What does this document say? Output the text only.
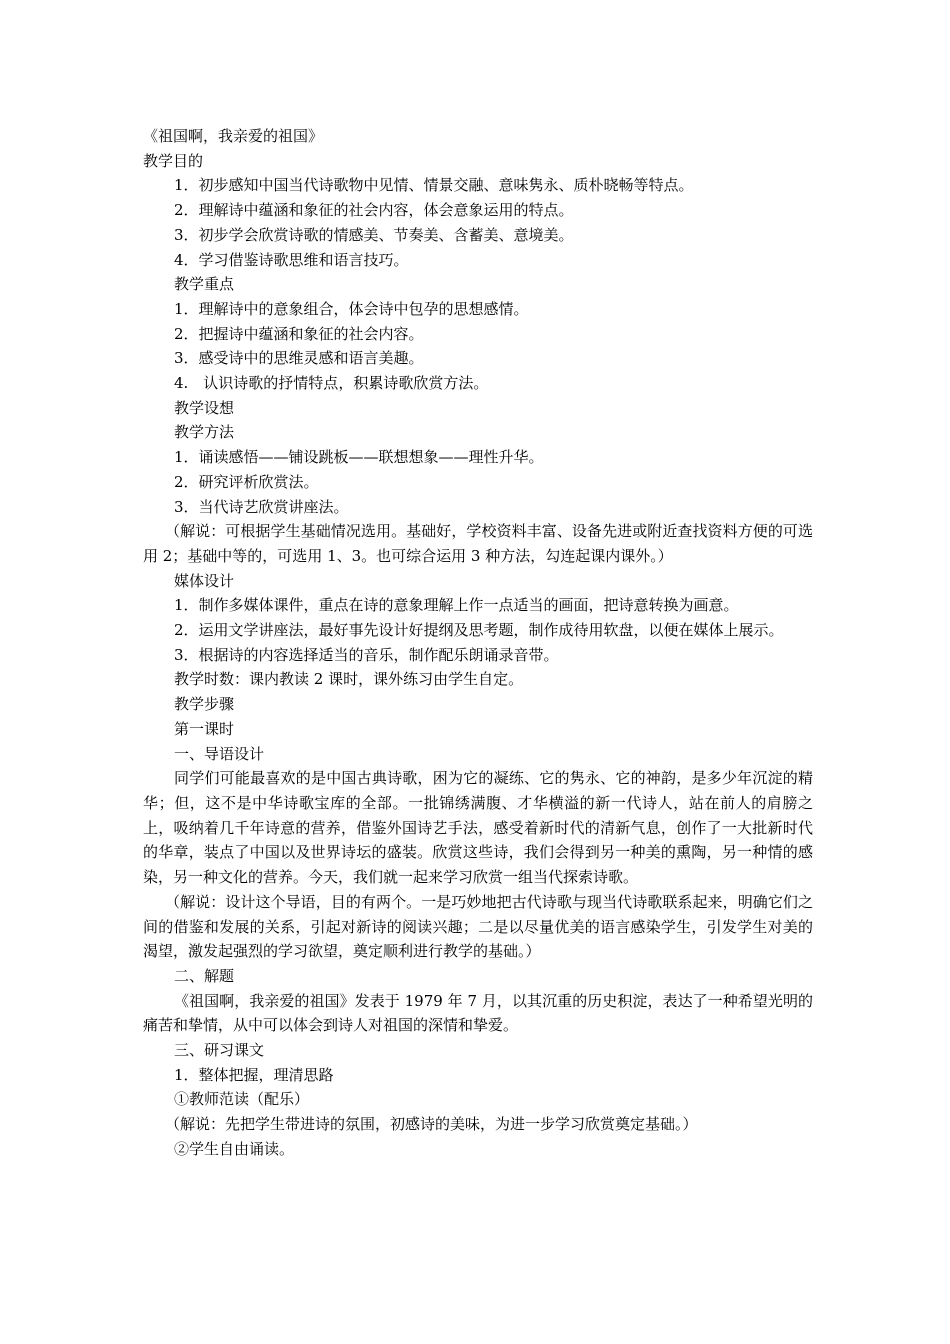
《祖国啊，我亲爱的祖国》

教学目的

1．初步感知中国当代诗歌物中见情、情景交融、意味隽永、质朴晓畅等特点。

2．理解诗中蕴涵和象征的社会内容，体会意象运用的特点。

3．初步学会欣赏诗歌的情感美、节奏美、含蓄美、意境美。

4．学习借鉴诗歌思维和语言技巧。

教学重点

1．理解诗中的意象组合，体会诗中包孕的思想感情。

2．把握诗中蕴涵和象征的社会内容。

3．感受诗中的思维灵感和语言美趣。

4.　认识诗歌的抒情特点，积累诗歌欣赏方法。

教学设想

教学方法

1．诵读感悟——铺设跳板——联想想象——理性升华。

2．研究评析欣赏法。

3．当代诗艺欣赏讲座法。

（解说：可根据学生基础情况选用。基础好，学校资料丰富、设备先进或附近查找资料方便的可选用 2；基础中等的，可选用 1、3。也可综合运用 3 种方法，勾连起课内课外。）

媒体设计

1．制作多媒体课件，重点在诗的意象理解上作一点适当的画面，把诗意转换为画意。

2．运用文学讲座法，最好事先设计好提纲及思考题，制作成待用软盘，以便在媒体上展示。

3．根据诗的内容选择适当的音乐，制作配乐朗诵录音带。

教学时数：课内教读 2 课时，课外练习由学生自定。

教学步骤

第一课时

一、导语设计

同学们可能最喜欢的是中国古典诗歌，困为它的凝练、它的隽永、它的神韵，是多少年沉淀的精华；但，这不是中华诗歌宝库的全部。一批锦绣满腹、才华横溢的新一代诗人，站在前人的肩膀之上，吸纳着几千年诗意的营养，借鉴外国诗艺手法，感受着新时代的清新气息，创作了一大批新时代的华章，装点了中国以及世界诗坛的盛装。欣赏这些诗，我们会得到另一种美的熏陶，另一种情的感染，另一种文化的营养。今天，我们就一起来学习欣赏一组当代探索诗歌。

（解说：设计这个导语，目的有两个。一是巧妙地把古代诗歌与现当代诗歌联系起来，明确它们之间的借鉴和发展的关系，引起对新诗的阅读兴趣；二是以尽量优美的语言感染学生，引发学生对美的渴望，激发起强烈的学习欲望，奠定顺利进行教学的基础。）

二、解题

《祖国啊，我亲爱的祖国》发表于 1979 年 7 月，以其沉重的历史积淀，表达了一种希望光明的痛苦和挚情，从中可以体会到诗人对祖国的深情和挚爱。

三、研习课文

1．整体把握，理清思路

①教师范读（配乐）

（解说：先把学生带进诗的氛围，初感诗的美味，为进一步学习欣赏奠定基础。）

②学生自由诵读。
